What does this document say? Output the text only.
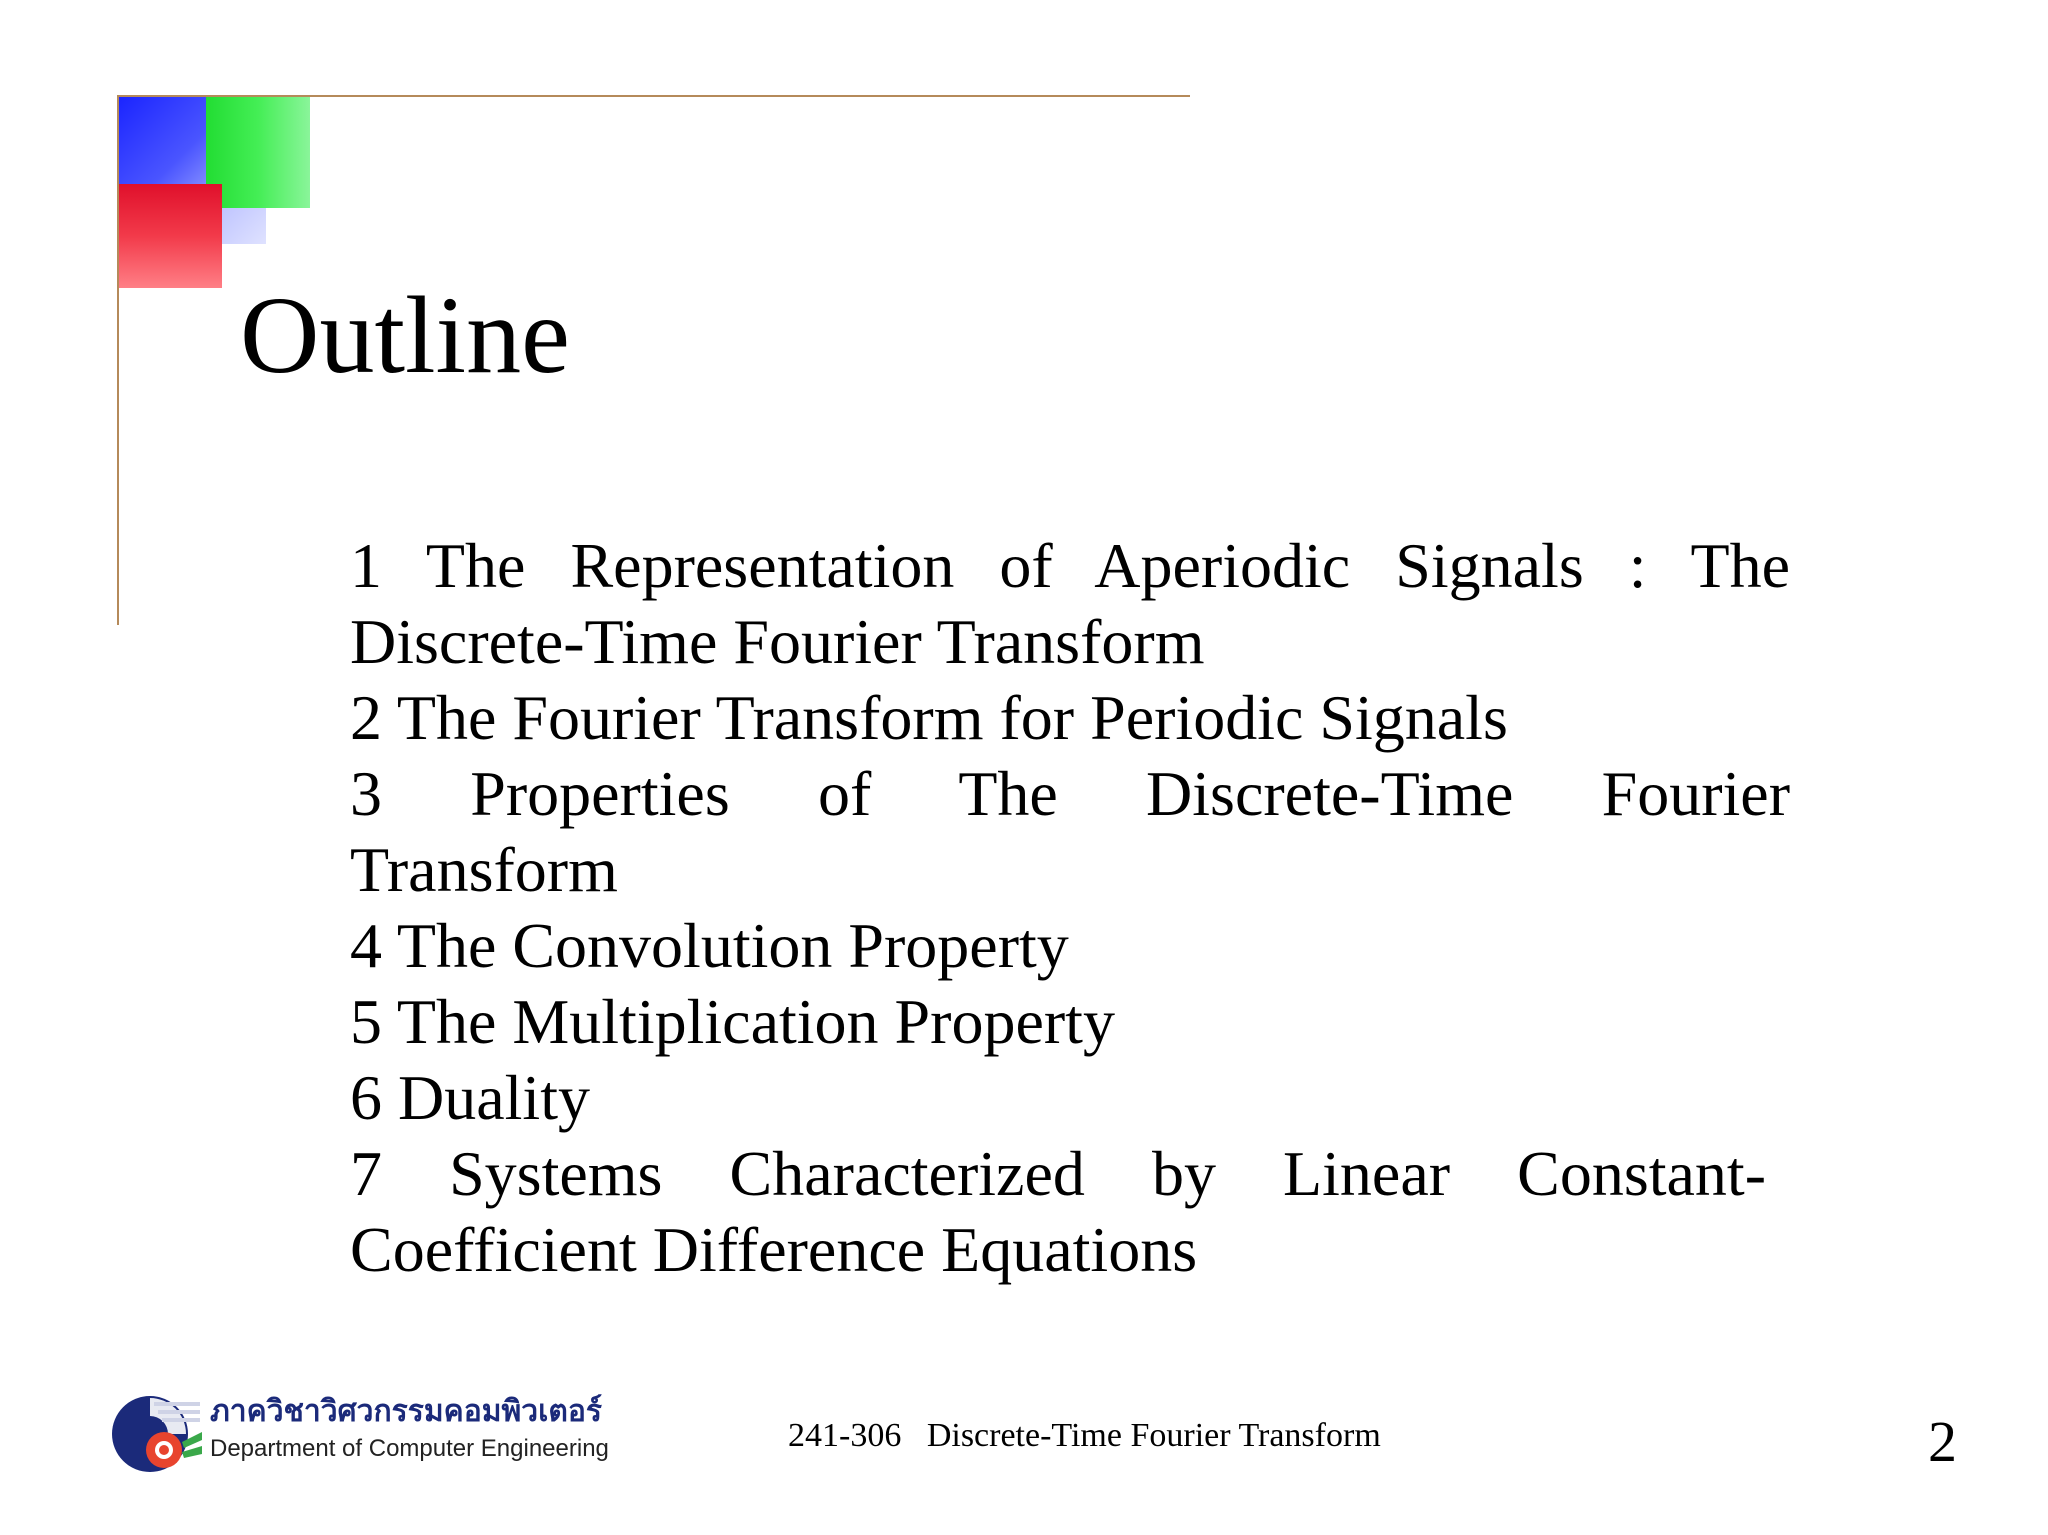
Outline
1 The Representation of Aperiodic Signals : The
Discrete-Time Fourier Transform
2 The Fourier Transform for Periodic Signals
3 Properties of The Discrete-Time Fourier
Transform
4 The Convolution Property
5 The Multiplication Property
6 Duality
7 Systems Characterized by Linear Constant-
Coefficient Difference Equations
ภาควิชาวิศวกรรมคอมพิวเตอร์
Department of Computer Engineering	241-306   Discrete-Time Fourier Transform	2
